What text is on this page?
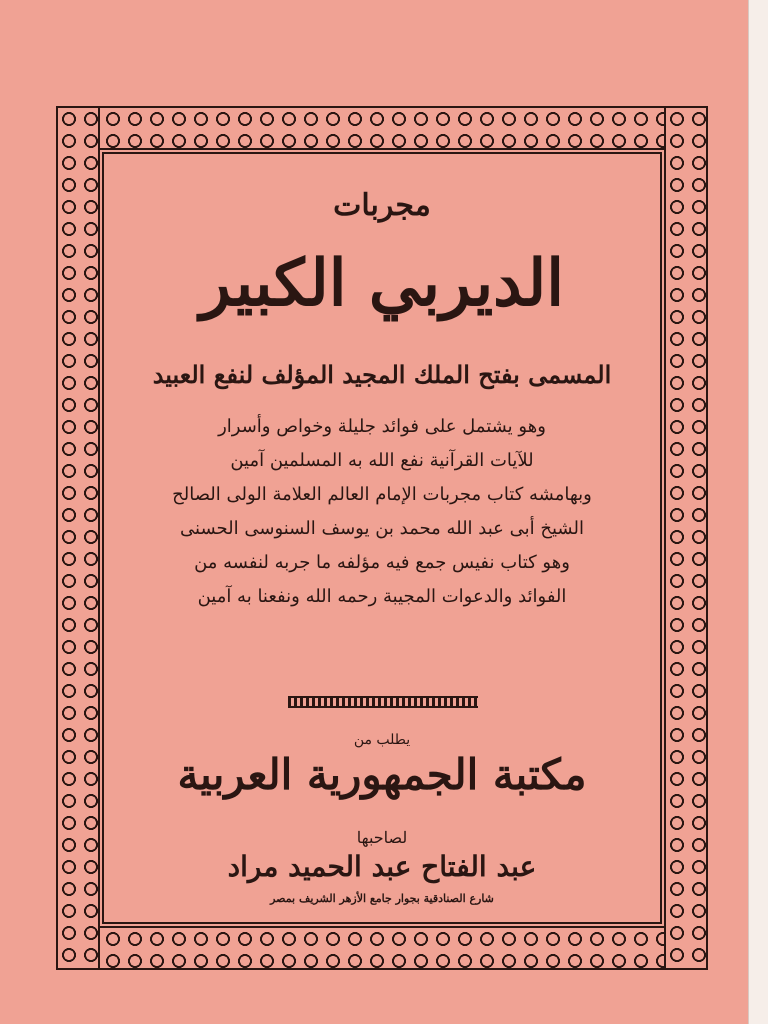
مجربات
الديربي الكبير
المسمى بفتح الملك المجيد المؤلف لنفع العبيد
وهو يشتمل على فوائد جليلة وخواص وأسرار
للآيات القرآنية نفع الله به المسلمين آمين
وبهامشه كتاب مجربات الإمام العالم العلامة الولى الصالح
الشيخ أبى عبد الله محمد بن يوسف السنوسى الحسنى
وهو كتاب نفيس جمع فيه مؤلفه ما جربه لنفسه من
الفوائد والدعوات المجيبة رحمه الله ونفعنا به آمين
يطلب من
مكتبة الجمهورية العربية
لصاحبها
عبد الفتاح عبد الحميد مراد
شارع الصنادقية بجوار جامع الأزهر الشريف بمصر
